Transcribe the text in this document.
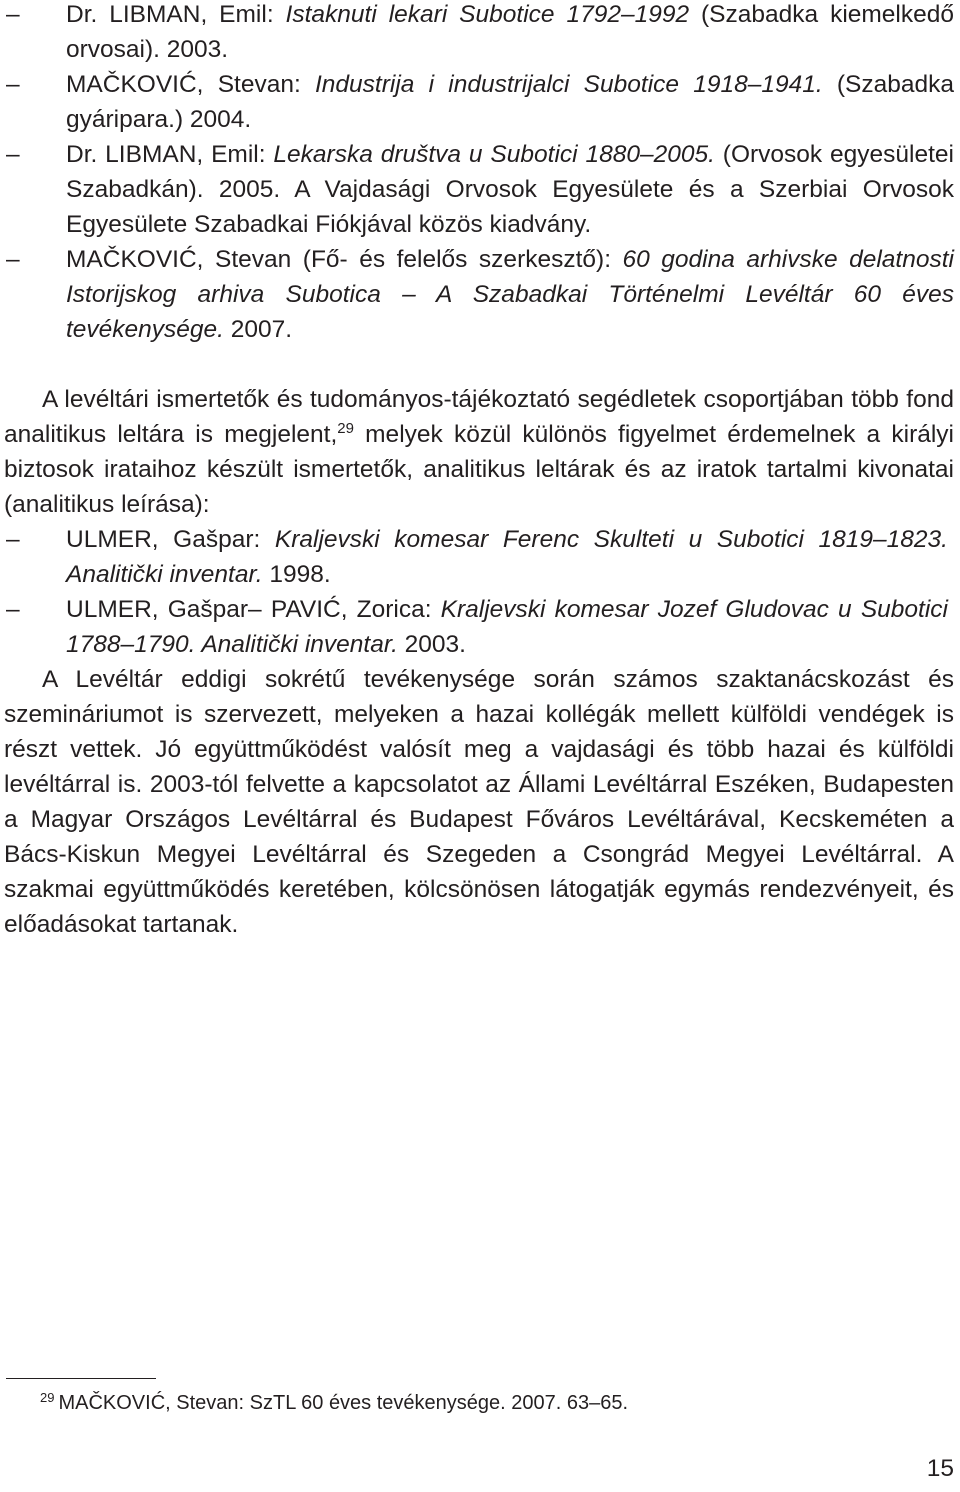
– Dr. LIBMAN, Emil: Istaknuti lekari Subotice 1792–1992 (Szabadka kiemelkedő orvosai). 2003.
– MAČKOVIĆ, Stevan: Industrija i industrijalci Subotice 1918–1941. (Szabadka gyáripara.) 2004.
– Dr. LIBMAN, Emil: Lekarska društva u Subotici 1880–2005. (Orvosok egyesületei Szabadkán). 2005. A Vajdasági Orvosok Egyesülete és a Szerbiai Orvosok Egyesülete Szabadkai Fiókjával közös kiadvány.
– MAČKOVIĆ, Stevan (Fő- és felelős szerkesztő): 60 godina arhivske delatnosti Istorijskog arhiva Subotica – A Szabadkai Történelmi Levéltár 60 éves tevékenysége. 2007.

A levéltári ismertetők és tudományos-tájékoztató segédletek csoportjában több fond analitikus leltára is megjelent,$^{29}$ melyek közül különös figyelmet érdemelnek a királyi biztosok irataihoz készült ismertetők, analitikus leltárak és az iratok tartalmi kivonatai (analitikus leírása):

– ULMER, Gašpar: Kraljevski komesar Ferenc Skulteti u Subotici 1819–1823. Analitički inventar. 1998.
– ULMER, Gašpar– PAVIĆ, Zorica: Kraljevski komesar Jozef Gludovac u Subotici 1788–1790. Analitički inventar. 2003.

A Levéltár eddigi sokrétű tevékenysége során számos szaktanácskozást és szemináriumot is szervezett, melyeken a hazai kollégák mellett külföldi vendégek is részt vettek. Jó együttműködést valósít meg a vajdasági és több hazai és külföldi levéltárral is. 2003-tól felvette a kapcsolatot az Állami Levéltárral Eszéken, Budapesten a Magyar Országos Levéltárral és Budapest Főváros Levéltárával, Kecskeméten a Bács-Kiskun Megyei Levéltárral és Szegeden a Csongrád Megyei Levéltárral. A szakmai együttműködés keretében, kölcsönösen látogatják egymás rendezvényeit, és előadásokat tartanak.

$^{29}$ MAČKOVIĆ, Stevan: SzTL 60 éves tevékenysége. 2007. 63–65.
15
